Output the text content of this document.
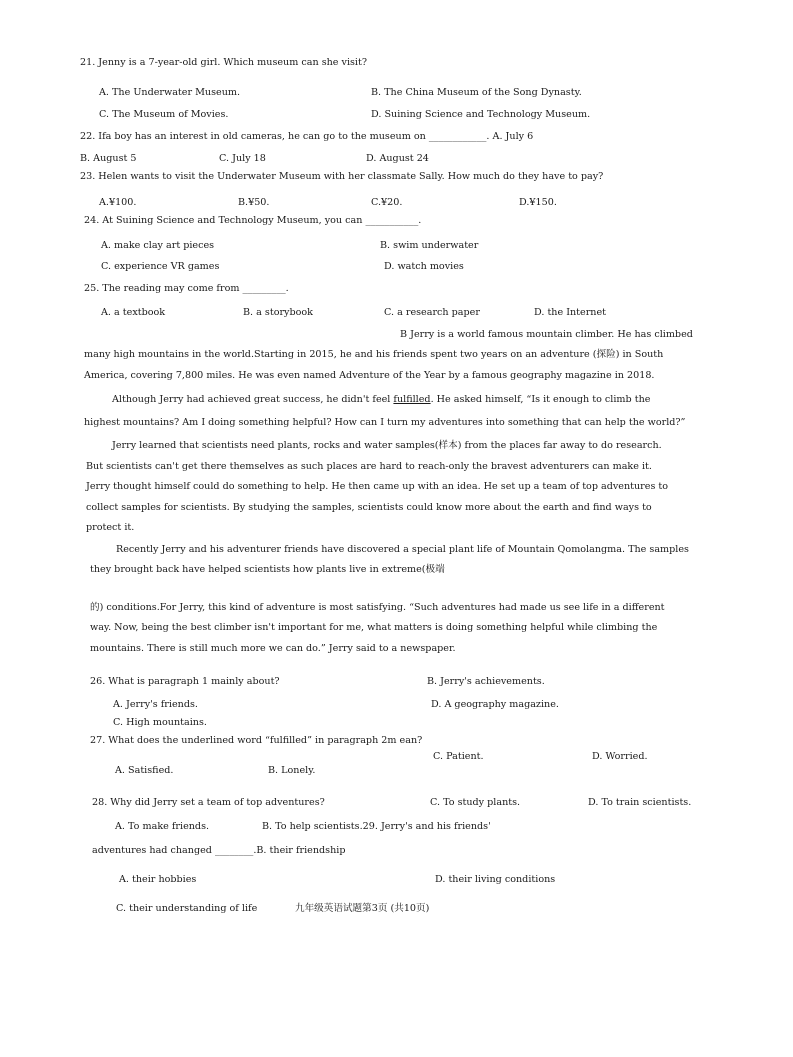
21. Jenny is a 7-year-old girl. Which museum can she visit?
A. The Underwater Museum.	B. The China Museum of the Song Dynasty.
C. The Museum of Movies.	D. Suining Science and Technology Museum.
22. Ifa boy has an interest in old cameras, he can go to the museum on ____________. A. July 6
B. August 5	C. July 18	D. August 24
23. Helen wants to visit the Underwater Museum with her classmate Sally. How much do they have to pay?
A.¥100.	B.¥50.	C.¥20.	D.¥150.
24. At Suining Science and Technology Museum, you can ___________.
A. make clay art pieces	B. swim underwater
C. experience VR games	D. watch movies
25. The reading may come from _________.
A. a textbook	B. a storybook	C. a research paper	D. the Internet
B Jerry is a world famous mountain climber. He has climbed
many high mountains in the world.Starting in 2015, he and his friends spent two years on an adventure (探险) in South
America, covering 7,800 miles. He was even named Adventure of the Year by a famous geography magazine in 2018.
Although Jerry had achieved great success, he didn't feel fulfilled. He asked himself, “Is it enough to climb the
highest mountains? Am I doing something helpful? How can I turn my adventures into something that can help the world?”
Jerry learned that scientists need plants, rocks and water samples(样本) from the places far away to do research.
But scientists can't get there themselves as such places are hard to reach-only the bravest adventurers can make it.
Jerry thought himself could do something to help. He then came up with an idea. He set up a team of top adventures to
collect samples for scientists. By studying the samples, scientists could know more about the earth and find ways to
protect it.
Recently Jerry and his adventurer friends have discovered a special plant life of Mountain Qomolangma. The samples
they brought back have helped scientists how plants live in extreme(极端
的) conditions.For Jerry, this kind of adventure is most satisfying. “Such adventures had made us see life in a different
way. Now, being the best climber isn't important for me, what matters is doing something helpful while climbing the
mountains. There is still much more we can do.” Jerry said to a newspaper.
26. What is paragraph 1 mainly about?	B. Jerry's achievements.
A. Jerry's friends.	D. A geography magazine.
C. High mountains.
27. What does the underlined word “fulfilled” in paragraph 2m ean?
C. Patient.	D. Worried.
A. Satisfied.	B. Lonely.
28. Why did Jerry set a team of top adventures?	C. To study plants.	D. To train scientists.
A. To make friends.	B. To help scientists.29. Jerry's and his friends'
adventures had changed ________.B. their friendship
A. their hobbies	D. their living conditions
C. their understanding of life	九年级英语试题第3页 (共10页)
